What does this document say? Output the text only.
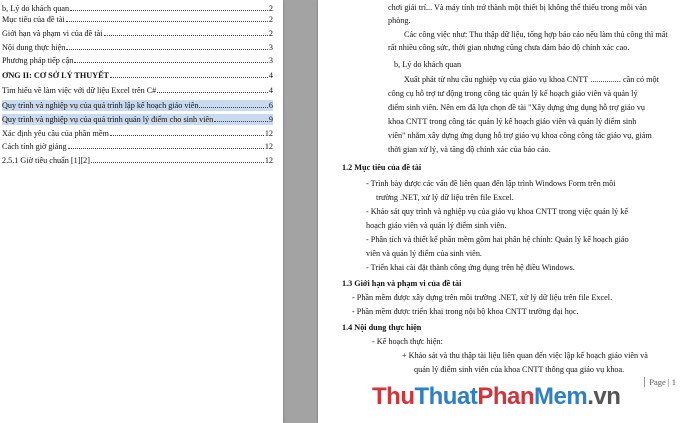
b, Lý do khách quan	2
Mục tiêu của đề tài	2
Giới hạn và phạm vi của đề tài	2
Nội dung thực hiện	3
Phương pháp tiếp cận	3
ƠNG II: CƠ SỞ LÝ THUYẾT	4
Tìm hiểu về làm việc với dữ liệu Excel trên C#	4
Quy trình và nghiệp vụ của quá trình lập kế hoạch giáo viên	6
Quy trình và nghiệp vụ của quá trình quản lý điểm cho sinh viên	9
Xác định yêu cầu của phần mềm	12
Cách tính giờ giảng	12
2.5.1 Giờ tiêu chuẩn [1][2]	12
chơi giải trí... Và máy tính trở thành một thiết bị không thể thiếu trong mỗi văn
phòng.
Các công việc như: Thu thập dữ liệu, tổng hợp báo cáo nếu làm thủ công thì mất
rất nhiều công sức, thời gian nhưng cũng chưa đảm bảo độ chính xác cao.
b, Lý do khách quan
Xuất phát từ nhu cầu nghiệp vụ của giáo vụ khoa CNTT ............... cần có một
công cụ hỗ trợ tư động trong công tác quản lý kế hoạch giáo viên và quản lý
điểm sinh viên. Nên em đã lựa chọn đề tài "Xây dựng ứng dụng hỗ trợ giáo vụ
khoa CNTT trong công tác quản lý kế hoạch giáo viên và quản lý điểm sinh
viên" nhằm xây dựng ứng dụng hỗ trợ giáo vụ khoa công công tác giáo vụ, giảm
thời gian xử lý, và tăng độ chính xác của báo cáo.
1.2 Mục tiêu của đề tài
- Trình bày được các vấn đề liên quan đến lập trình Windows Form trên môi
trường .NET, xử lý dữ liệu trên file Excel.
- Khảo sát quy trình và nghiệp vụ của giáo vụ khoa CNTT trong việc quản lý kế
hoạch giáo viên và quản lý điểm sinh viên.
- Phân tích và thiết kế phần mềm gồm hai phân hệ chính: Quản lý kế hoạch giáo
viên và quản lý điểm của sinh viên.
- Triển khai cài đặt thành công ứng dụng trên hệ điều Windows.
1.3 Giới hạn và phạm vi của đề tài
- Phần mềm được xây dựng trên môi trường .NET, xử lý dữ liệu trên file Excel.
- Phần mềm được triển khai trong nội bộ khoa CNTT trường đại học.
1.4 Nội dung thực hiện
- Kế hoạch thực hiện:
+ Khảo sát và thu thập tài liệu liên quan đến việc lập kế hoạch giáo viên và
quản lý điểm sinh viên của khoa CNTT thông qua giáo vụ khoa.
Page | 1
ThuThuatPhanMem.vn
